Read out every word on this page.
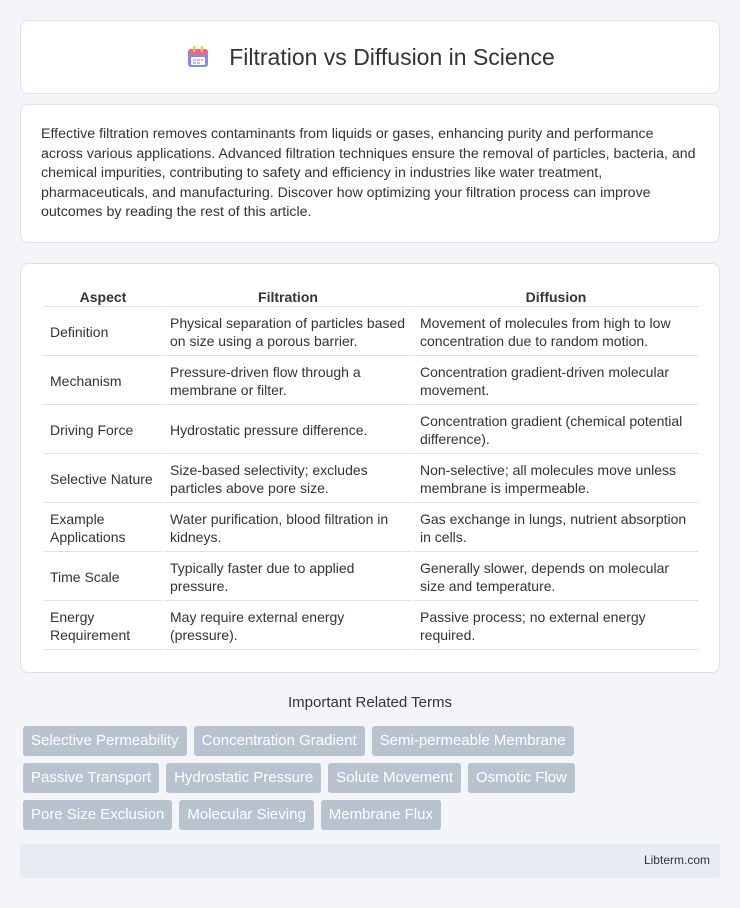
Filtration vs Diffusion in Science

Effective filtration removes contaminants from liquids or gases, enhancing purity and performance across various applications. Advanced filtration techniques ensure the removal of particles, bacteria, and chemical impurities, contributing to safety and efficiency in industries like water treatment, pharmaceuticals, and manufacturing. Discover how optimizing your filtration process can improve outcomes by reading the rest of this article.

Aspect	Filtration	Diffusion
Definition	Physical separation of particles based on size using a porous barrier.	Movement of molecules from high to low concentration due to random motion.
Mechanism	Pressure-driven flow through a membrane or filter.	Concentration gradient-driven molecular movement.
Driving Force	Hydrostatic pressure difference.	Concentration gradient (chemical potential difference).
Selective Nature	Size-based selectivity; excludes particles above pore size.	Non-selective; all molecules move unless membrane is impermeable.
Example Applications	Water purification, blood filtration in kidneys.	Gas exchange in lungs, nutrient absorption in cells.
Time Scale	Typically faster due to applied pressure.	Generally slower, depends on molecular size and temperature.
Energy Requirement	May require external energy (pressure).	Passive process; no external energy required.
Important Related Terms
Selective Permeability	Concentration Gradient	Semi-permeable Membrane
Passive Transport	Hydrostatic Pressure	Solute Movement	Osmotic Flow
Pore Size Exclusion	Molecular Sieving	Membrane Flux
Libterm.com
